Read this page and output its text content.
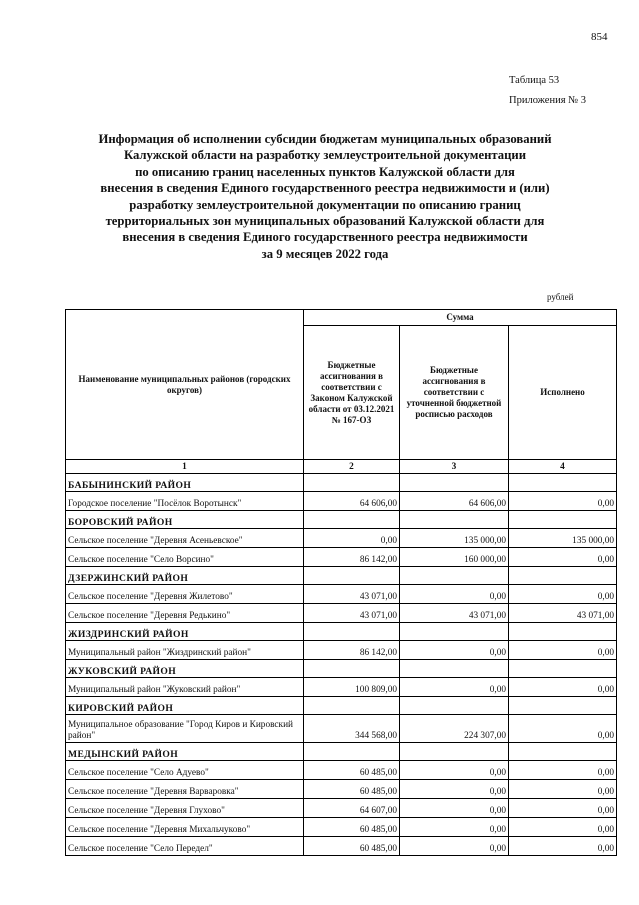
854
Таблица 53
Приложения № 3
Информация об исполнении субсидии бюджетам муниципальных образований
Калужской области на разработку землеустроительной документации
по описанию границ населенных пунктов Калужской области для
внесения в сведения Единого государственного реестра недвижимости и (или)
разработку землеустроительной документации по описанию границ
территориальных зон муниципальных образований Калужской области для
внесения в сведения Единого государственного реестра недвижимости
за 9 месяцев 2022 года
рублей
Наименование муниципальных районов (городских округов)	Сумма		
	Бюджетные ассигнования в соответствии с Законом Калужской области от 03.12.2021 № 167-ОЗ	Бюджетные ассигнования в соответствии с уточненной бюджетной росписью расходов	Исполнено
1	2	3	4
БАБЫНИНСКИЙ РАЙОН			
Городское поселение "Посёлок Воротынск"	64 606,00	64 606,00	0,00
БОРОВСКИЙ РАЙОН			
Сельское поселение "Деревня Асеньевское"	0,00	135 000,00	135 000,00
Сельское поселение "Село Ворсино"	86 142,00	160 000,00	0,00
ДЗЕРЖИНСКИЙ РАЙОН			
Сельское поселение "Деревня Жилетово"	43 071,00	0,00	0,00
Сельское поселение "Деревня Редькино"	43 071,00	43 071,00	43 071,00
ЖИЗДРИНСКИЙ РАЙОН			
Муниципальный район "Жиздринский район"	86 142,00	0,00	0,00
ЖУКОВСКИЙ РАЙОН			
Муниципальный район "Жуковский район"	100 809,00	0,00	0,00
КИРОВСКИЙ РАЙОН			
Муниципальное образование "Город Киров и Кировский район"	344 568,00	224 307,00	0,00
МЕДЫНСКИЙ РАЙОН			
Сельское поселение "Село Адуево"	60 485,00	0,00	0,00
Сельское поселение "Деревня Варваровка"	60 485,00	0,00	0,00
Сельское поселение "Деревня Глухово"	64 607,00	0,00	0,00
Сельское поселение "Деревня Михальчуково"	60 485,00	0,00	0,00
Сельское поселение "Село Передел"	60 485,00	0,00	0,00
